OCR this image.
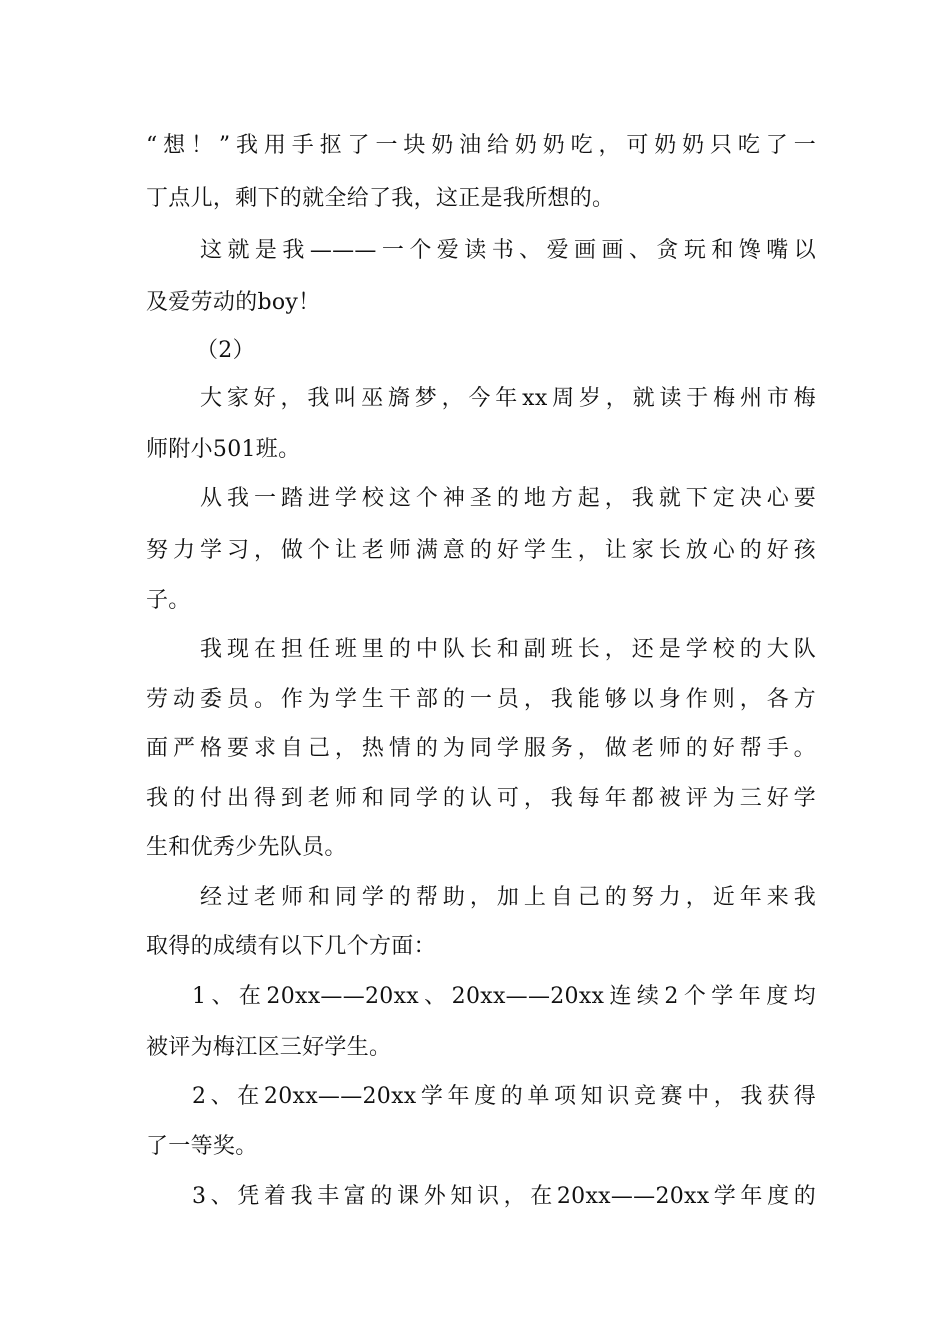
“想！”我用手抠了一块奶油给奶奶吃，可奶奶只吃了一

丁点儿，剩下的就全给了我，这正是我所想的。

这就是我———一个爱读书、爱画画、贪玩和馋嘴以

及爱劳动的boy！

（2）

大家好，我叫巫旖梦，今年xx周岁，就读于梅州市梅

师附小501班。

从我一踏进学校这个神圣的地方起，我就下定决心要

努力学习，做个让老师满意的好学生，让家长放心的好孩

子。

我现在担任班里的中队长和副班长，还是学校的大队

劳动委员。作为学生干部的一员，我能够以身作则，各方

面严格要求自己，热情的为同学服务，做老师的好帮手。

我的付出得到老师和同学的认可，我每年都被评为三好学

生和优秀少先队员。

经过老师和同学的帮助，加上自己的努力，近年来我

取得的成绩有以下几个方面：

1、在20xx——20xx、20xx——20xx连续2个学年度均

被评为梅江区三好学生。

2、在20xx——20xx学年度的单项知识竞赛中，我获得

了一等奖。

3、凭着我丰富的课外知识，在20xx——20xx学年度的
